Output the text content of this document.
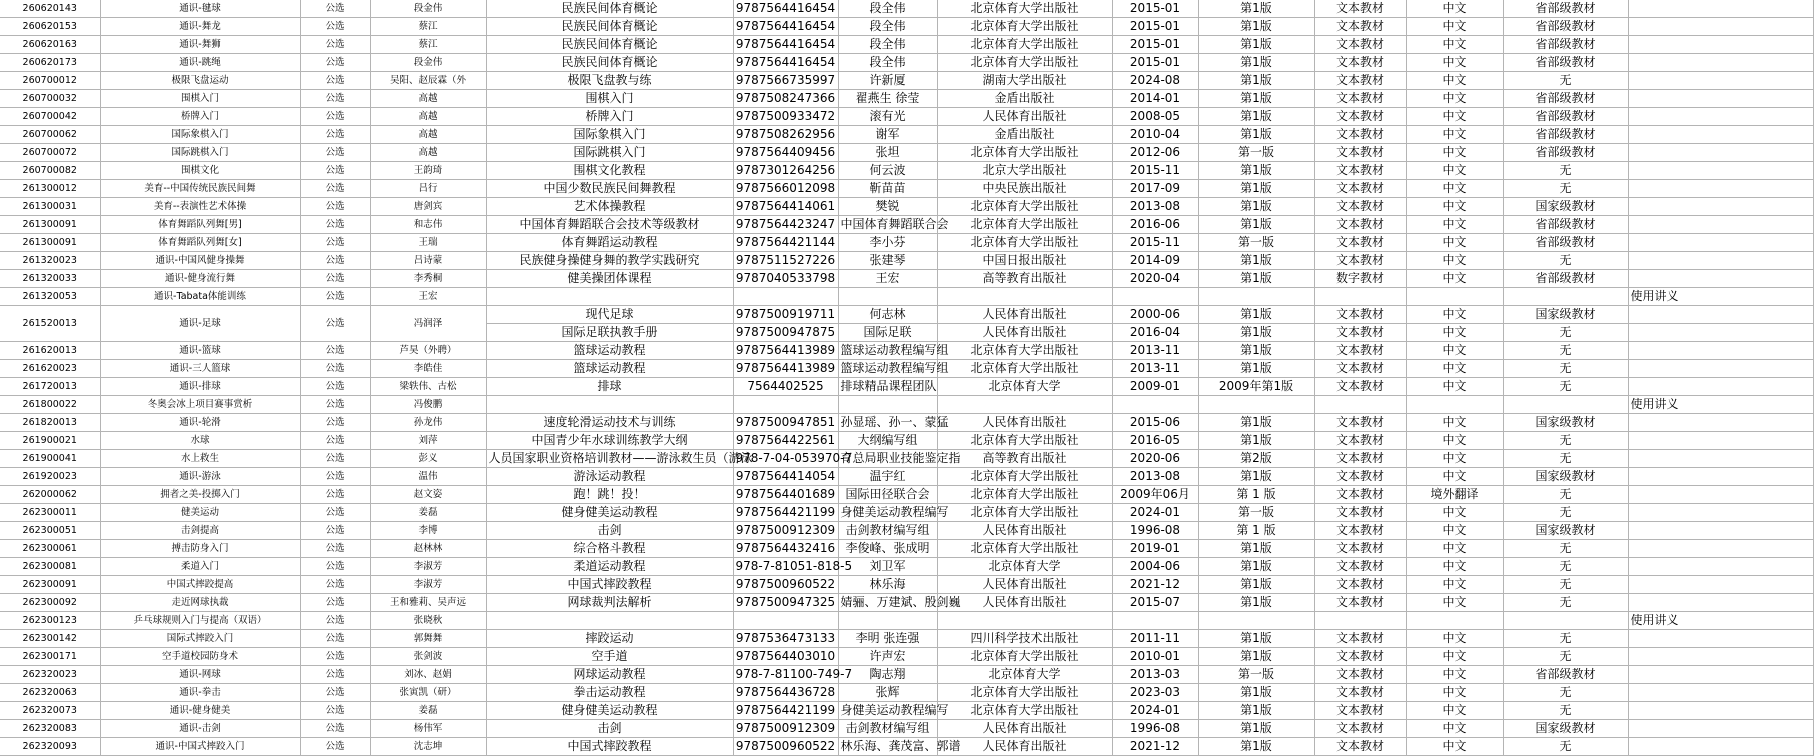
260620143	通识-毽球	公选	段金伟	民族民间体育概论	9787564416454	段全伟	北京体育大学出版社	2015-01	第1版	文本教材	中文	省部级教材	
260620153	通识-舞龙	公选	蔡江	民族民间体育概论	9787564416454	段全伟	北京体育大学出版社	2015-01	第1版	文本教材	中文	省部级教材	
260620163	通识-舞狮	公选	蔡江	民族民间体育概论	9787564416454	段全伟	北京体育大学出版社	2015-01	第1版	文本教材	中文	省部级教材	
260620173	通识-跳绳	公选	段金伟	民族民间体育概论	9787564416454	段全伟	北京体育大学出版社	2015-01	第1版	文本教材	中文	省部级教材	
260700012	极限飞盘运动	公选	吴阳、赵辰霖（外	极限飞盘教与练	9787566735997	许新厦	湖南大学出版社	2024-08	第1版	文本教材	中文	无	
260700032	围棋入门	公选	高越	围棋入门	9787508247366	翟燕生 徐莹	金盾出版社	2014-01	第1版	文本教材	中文	省部级教材	
260700042	桥牌入门	公选	高越	桥牌入门	9787500933472	滚有光	人民体育出版社	2008-05	第1版	文本教材	中文	省部级教材	
260700062	国际象棋入门	公选	高越	国际象棋入门	9787508262956	谢军	金盾出版社	2010-04	第1版	文本教材	中文	省部级教材	
260700072	国际跳棋入门	公选	高越	国际跳棋入门	9787564409456	张坦	北京体育大学出版社	2012-06	第一版	文本教材	中文	省部级教材	
260700082	围棋文化	公选	王韵琦	围棋文化教程	9787301264256	何云波	北京大学出版社	2015-11	第1版	文本教材	中文	无	
261300012	美育--中国传统民族民间舞	公选	吕行	中国少数民族民间舞教程	9787566012098	靳苗苗	中央民族出版社	2017-09	第1版	文本教材	中文	无	
261300031	美育--表演性艺术体操	公选	唐剑宾	艺术体操教程	9787564414061	樊锐	北京体育大学出版社	2013-08	第1版	文本教材	中文	国家级教材	
261300091	体育舞蹈队列舞[男]	公选	和志伟	中国体育舞蹈联合会技术等级教材	9787564423247	中国体育舞蹈联合会	北京体育大学出版社	2016-06	第1版	文本教材	中文	省部级教材	
261300091	体育舞蹈队列舞[女]	公选	王瑞	体育舞蹈运动教程	9787564421144	李小芬	北京体育大学出版社	2015-11	第一版	文本教材	中文	省部级教材	
261320023	通识-中国风健身操舞	公选	吕诗蒙	民族健身操健身舞的教学实践研究	9787511527226	张建琴	中国日报出版社	2014-09	第1版	文本教材	中文	无	
261320033	通识-健身流行舞	公选	李秀桐	健美操团体课程	9787040533798	王宏	高等教育出版社	2020-04	第1版	数字教材	中文	省部级教材	
261320053	通识-Tabata体能训练	公选	王宏										使用讲义
261520013	通识-足球	公选	冯润泽	现代足球	9787500919711	何志林	人民体育出版社	2000-06	第1版	文本教材	中文	国家级教材	
				国际足联执教手册	9787500947875	国际足联	人民体育出版社	2016-04	第1版	文本教材	中文	无	
261620013	通识-篮球	公选	芦昊（外聘）	篮球运动教程	9787564413989	篮球运动教程编写组	北京体育大学出版社	2013-11	第1版	文本教材	中文	无	
261620023	通识-三人篮球	公选	李皓佳	篮球运动教程	9787564413989	篮球运动教程编写组	北京体育大学出版社	2013-11	第1版	文本教材	中文	无	
261720013	通识-排球	公选	梁轶伟、古松	排球	7564402525	排球精品课程团队	北京体育大学	2009-01	2009年第1版	文本教材	中文	无	
261800022	冬奥会冰上项目赛事赏析	公选	冯俊鹏										使用讲义
261820013	通识-轮滑	公选	孙龙伟	速度轮滑运动技术与训练	9787500947851	孙显瑶、孙一、蒙猛	人民体育出版社	2015-06	第1版	文本教材	中文	国家级教材	
261900021	水球	公选	刘萍	中国青少年水球训练教学大纲	9787564422561	大纲编写组	北京体育大学出版社	2016-05	第1版	文本教材	中文	无	
261900041	水上救生	公选	彭义	人员国家职业资格培训教材——游泳救生员（游泳	978-7-04-053970-7	育总局职业技能鉴定指	高等教育出版社	2020-06	第2版	文本教材	中文	无	
261920023	通识-游泳	公选	温伟	游泳运动教程	9787564414054	温宇红	北京体育大学出版社	2013-08	第1版	文本教材	中文	国家级教材	
262000062	拥者之美-投掷入门	公选	赵文姿	跑！跳！投！	9787564401689	国际田径联合会	北京体育大学出版社	2009年06月	第 1 版	文本教材	境外翻译	无	
262300011	健美运动	公选	姜磊	健身健美运动教程	9787564421199	身健美运动教程编写	北京体育大学出版社	2024-01	第一版	文本教材	中文	无	
262300051	击剑提高	公选	李博	击剑	9787500912309	击剑教材编写组	人民体育出版社	1996-08	第 1 版	文本教材	中文	国家级教材	
262300061	搏击防身入门	公选	赵林林	综合格斗教程	9787564432416	李俊峰、张成明	北京体育大学出版社	2019-01	第1版	文本教材	中文	无	
262300081	柔道入门	公选	李淑芳	柔道运动教程	978-7-81051-818-5	刘卫军	北京体育大学	2004-06	第1版	文本教材	中文	无	
262300091	中国式摔跤提高	公选	李淑芳	中国式摔跤教程	9787500960522	林乐海	人民体育出版社	2021-12	第1版	文本教材	中文	无	
262300092	走近网球执裁	公选	王和雅莉、吴声远	网球裁判法解析	9787500947325	婧骊、万建斌、殷剑巍	人民体育出版社	2015-07	第1版	文本教材	中文	无	
262300123	乒乓球规则入门与提高（双语）	公选	张晓秋										使用讲义
262300142	国际式摔跤入门	公选	郭舞舞	摔跤运动	9787536473133	李明 张连强	四川科学技术出版社	2011-11	第1版	文本教材	中文	无	
262300171	空手道校园防身术	公选	张剑波	空手道	9787564403010	许声宏	北京体育大学出版社	2010-01	第1版	文本教材	中文	无	
262320023	通识-网球	公选	刘冰、赵娟	网球运动教程	978-7-81100-749-7	陶志翔	北京体育大学	2013-03	第一版	文本教材	中文	省部级教材	
262320063	通识-拳击	公选	张寅凯（研）	拳击运动教程	9787564436728	张辉	北京体育大学出版社	2023-03	第1版	文本教材	中文	无	
262320073	通识-健身健美	公选	姜磊	健身健美运动教程	9787564421199	身健美运动教程编写	北京体育大学出版社	2024-01	第1版	文本教材	中文	无	
262320083	通识-击剑	公选	杨伟军	击剑	9787500912309	击剑教材编写组	人民体育出版社	1996-08	第1版	文本教材	中文	国家级教材	
262320093	通识-中国式摔跤入门	公选	沈志坤	中国式摔跤教程	9787500960522	林乐海、龚茂富、郭谱	人民体育出版社	2021-12	第1版	文本教材	中文	无	
